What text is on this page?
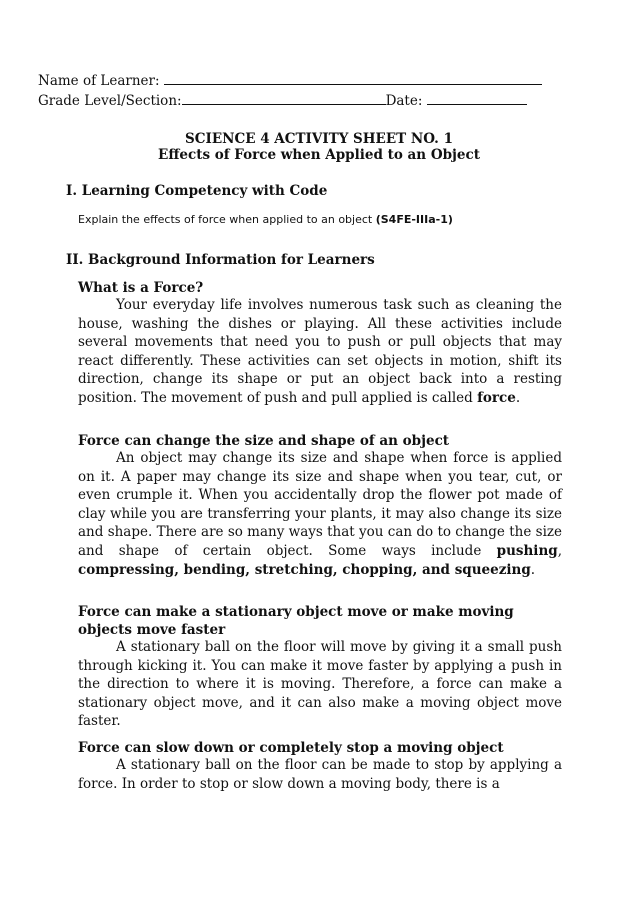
Name of Learner:
Grade Level/Section:	Date:
SCIENCE 4 ACTIVITY SHEET NO. 1
Effects of Force when Applied to an Object
I. Learning Competency with Code
Explain the effects of force when applied to an object (S4FE-IIIa-1)
II. Background Information for Learners
What is a Force?
Your everyday life involves numerous task such as cleaning the house, washing the dishes or playing. All these activities include several movements that need you to push or pull objects that may react differently. These activities can set objects in motion, shift its direction, change its shape or put an object back into a resting position. The movement of push and pull applied is called force.
Force can change the size and shape of an object
An object may change its size and shape when force is applied on it. A paper may change its size and shape when you tear, cut, or even crumple it. When you accidentally drop the flower pot made of clay while you are transferring your plants, it may also change its size and shape. There are so many ways that you can do to change the size and shape of certain object. Some ways include pushing, compressing, bending, stretching, chopping, and squeezing.
Force can make a stationary object move or make moving
objects move faster
A stationary ball on the floor will move by giving it a small push through kicking it. You can make it move faster by applying a push in the direction to where it is moving. Therefore, a force can make a stationary object move, and it can also make a moving object move faster.
Force can slow down or completely stop a moving object
A stationary ball on the floor can be made to stop by applying a force. In order to stop or slow down a moving body, there is a
